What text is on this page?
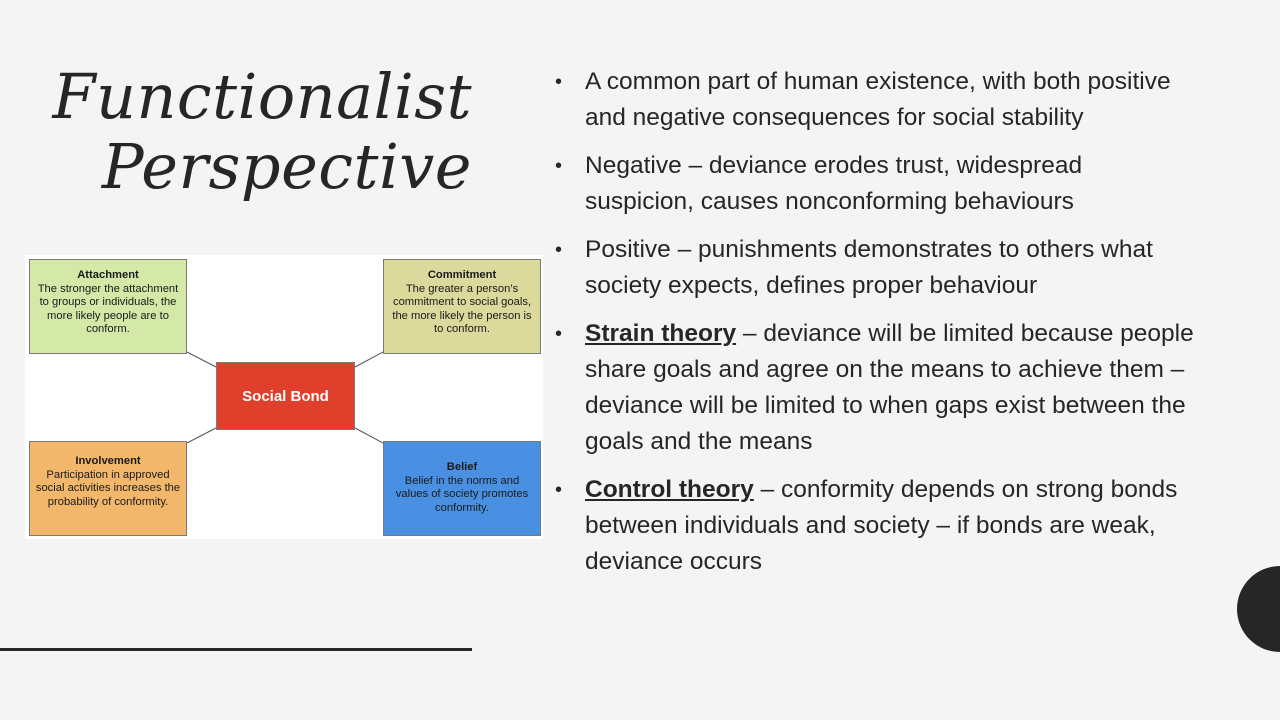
Functionalist
Perspective
Attachment
The stronger the attachment to groups or individuals, the more likely people are to conform.
Commitment
The greater a person’s commitment to social goals, the more likely the person is to conform.
Social Bond
Involvement
Participation in approved social activities increases the probability of conformity.
Belief
Belief in the norms and values of society promotes conformity.
• A common part of human existence, with both positive and negative consequences for social stability
• Negative – deviance erodes trust, widespread suspicion, causes nonconforming behaviours
• Positive – punishments demonstrates to others what society expects, defines proper behaviour
• Strain theory – deviance will be limited because people share goals and agree on the means to achieve them – deviance will be limited to when gaps exist between the goals and the means
• Control theory – conformity depends on strong bonds between individuals and society – if bonds are weak, deviance occurs
